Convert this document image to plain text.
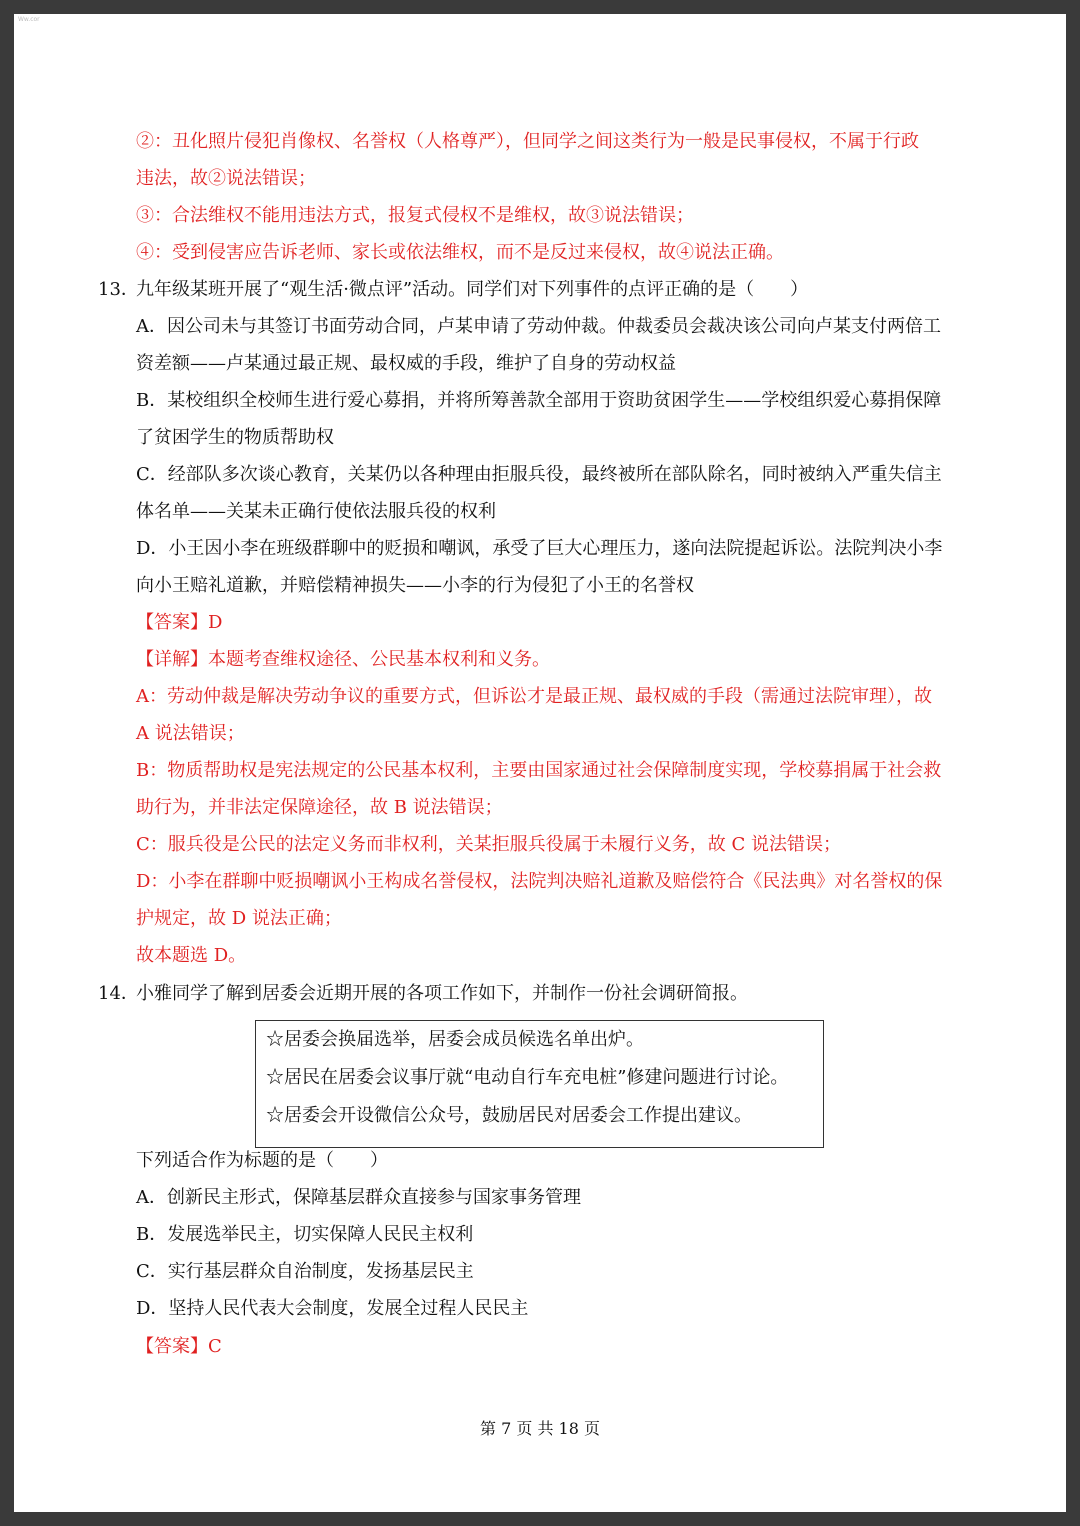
Ww.cor
②：丑化照片侵犯肖像权、名誉权（人格尊严），但同学之间这类行为一般是民事侵权，不属于行政
违法，故②说法错误；
③：合法维权不能用违法方式，报复式侵权不是维权，故③说法错误；
④：受到侵害应告诉老师、家长或依法维权，而不是反过来侵权，故④说法正确。
13．
九年级某班开展了“观生活·微点评”活动。同学们对下列事件的点评正确的是（　　）
A．因公司未与其签订书面劳动合同，卢某申请了劳动仲裁。仲裁委员会裁决该公司向卢某支付两倍工
资差额——卢某通过最正规、最权威的手段，维护了自身的劳动权益
B．某校组织全校师生进行爱心募捐，并将所筹善款全部用于资助贫困学生——学校组织爱心募捐保障
了贫困学生的物质帮助权
C．经部队多次谈心教育，关某仍以各种理由拒服兵役，最终被所在部队除名，同时被纳入严重失信主
体名单——关某未正确行使依法服兵役的权利
D．小王因小李在班级群聊中的贬损和嘲讽，承受了巨大心理压力，遂向法院提起诉讼。法院判决小李
向小王赔礼道歉，并赔偿精神损失——小李的行为侵犯了小王的名誉权
【答案】D
【详解】本题考查维权途径、公民基本权利和义务。
A：劳动仲裁是解决劳动争议的重要方式，但诉讼才是最正规、最权威的手段（需通过法院审理），故
A 说法错误；
B：物质帮助权是宪法规定的公民基本权利，主要由国家通过社会保障制度实现，学校募捐属于社会救
助行为，并非法定保障途径，故 B 说法错误；
C：服兵役是公民的法定义务而非权利，关某拒服兵役属于未履行义务，故 C 说法错误；
D：小李在群聊中贬损嘲讽小王构成名誉侵权，法院判决赔礼道歉及赔偿符合《民法典》对名誉权的保
护规定，故 D 说法正确；
故本题选 D。
14．
小雅同学了解到居委会近期开展的各项工作如下，并制作一份社会调研简报。
☆居委会换届选举，居委会成员候选名单出炉。
☆居民在居委会议事厅就“电动自行车充电桩”修建问题进行讨论。
☆居委会开设微信公众号，鼓励居民对居委会工作提出建议。
下列适合作为标题的是（　　）
A．创新民主形式，保障基层群众直接参与国家事务管理
B．发展选举民主，切实保障人民民主权利
C．实行基层群众自治制度，发扬基层民主
D．坚持人民代表大会制度，发展全过程人民民主
【答案】C
第 7 页 共 18 页
